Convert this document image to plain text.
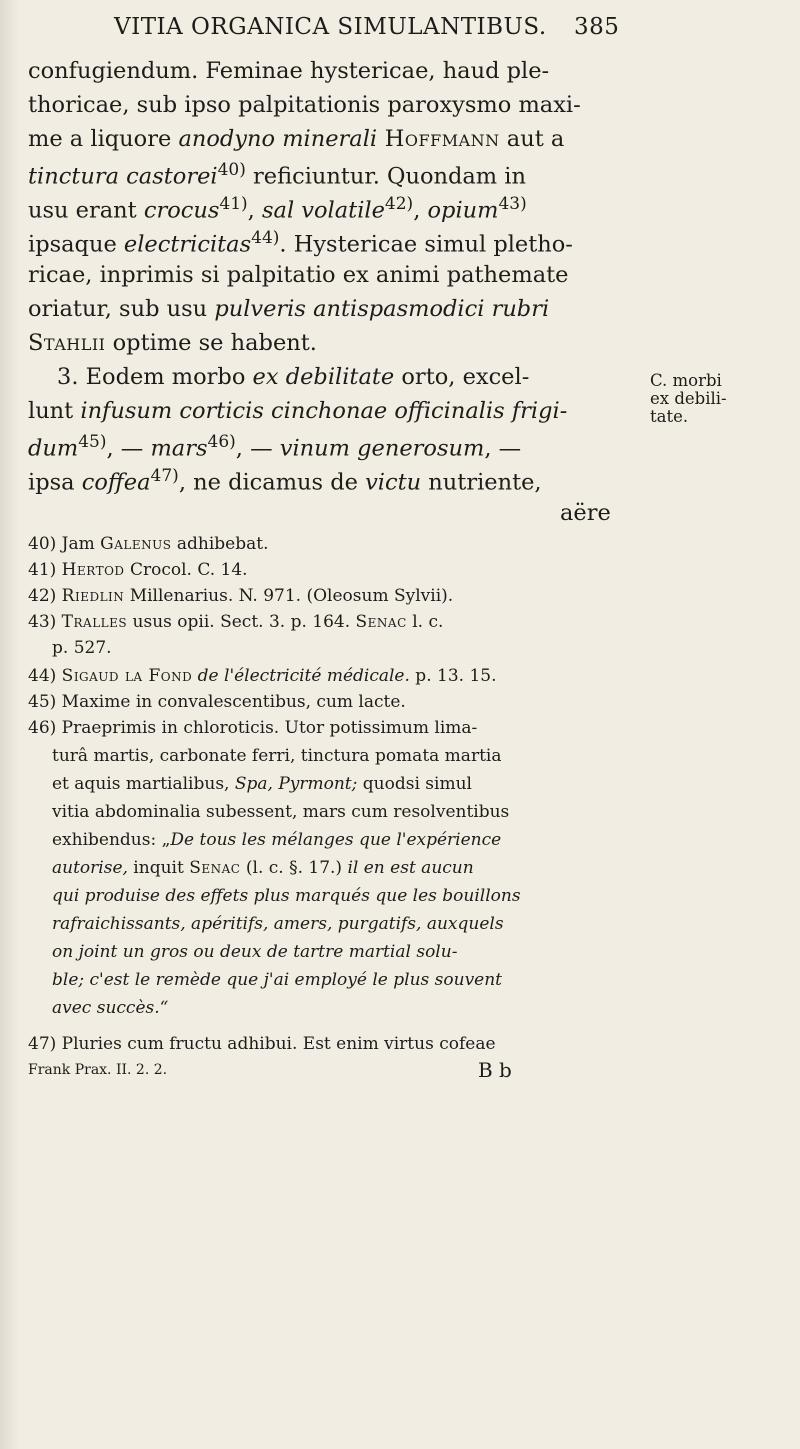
VITIA ORGANICA SIMULANTIBUS. 385
confugiendum. Feminae hystericae, haud ple-
thoricae, sub ipso palpitationis paroxysmo maxi-
me a liquore anodyno minerali Hoffmann aut a
tinctura castorei$^{40)}$ reficiuntur. Quondam in
usu erant crocus$^{41)}$, sal volatile$^{42)}$, opium$^{43)}$
ipsaque electricitas$^{44)}$. Hystericae simul pletho-
ricae, inprimis si palpitatio ex animi pathemate
oriatur, sub usu pulveris antispasmodici rubri
Stahlii optime se habent.
3. Eodem morbo ex debilitate orto, excel-
lunt infusum corticis cinchonae officinalis frigi-
dum$^{45)}$, — mars$^{46)}$, — vinum generosum, —
ipsa coffea$^{47)}$, ne dicamus de victu nutriente,
aëre
C. morbi
ex debili-
tate.
40) Jam Galenus adhibebat.
41) Hertod Crocol. C. 14.
42) Riedlin Millenarius. N. 971. (Oleosum Sylvii).
43) Tralles usus opii. Sect. 3. p. 164. Senac l. c.
p. 527.
44) Sigaud la Fond de l'électricité médicale. p. 13. 15.
45) Maxime in convalescentibus, cum lacte.
46) Praeprimis in chloroticis. Utor potissimum lima-
turâ martis, carbonate ferri, tinctura pomata martia
et aquis martialibus, Spa, Pyrmont; quodsi simul
vitia abdominalia subessent, mars cum resolventibus
exhibendus: „De tous les mélanges que l'expérience
autorise, inquit Senac (l. c. §. 17.) il en est aucun
qui produise des effets plus marqués que les bouillons
rafraichissants, apéritifs, amers, purgatifs, auxquels
on joint un gros ou deux de tartre martial solu-
ble; c'est le remède que j'ai employé le plus souvent
avec succès.“
47) Pluries cum fructu adhibui. Est enim virtus cofeae
Frank Prax. II. 2. 2.	B b
